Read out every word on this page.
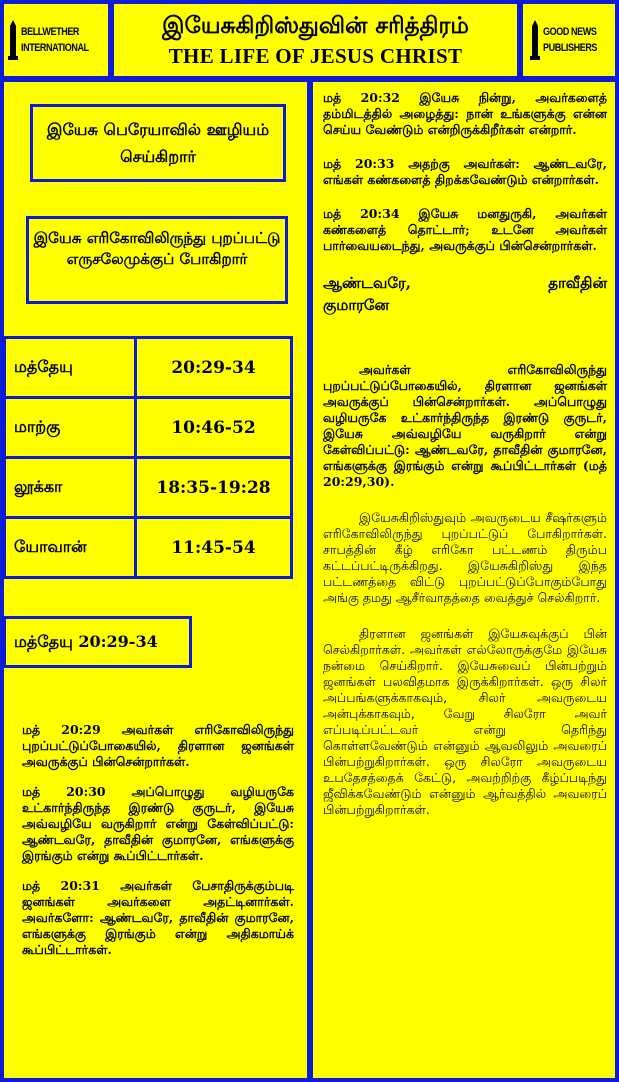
BELLWETHER
INTERNATIONAL
இயேசுகிறிஸ்துவின் சரித்திரம்
THE LIFE OF JESUS CHRIST
GOOD NEWS
PUBLISHERS
இயேசு பெரேயாவில் ஊழியம் செய்கிறார்
இயேசு எரிகோவிலிருந்து புறப்பட்டு எருசலேமுக்குப் போகிறார்
மத்தேயு	20:29-34
மாற்கு	10:46-52
லூக்கா	18:35-19:28
யோவான்	11:45-54
மத்தேயு 20:29-34

மத் 20:29 அவர்கள் எரிகோவிலிருந்து புறப்பட்டுப்போகையில், திரளான ஜனங்கள் அவருக்குப் பின்சென்றார்கள்.

மத் 20:30 அப்பொழுது வழியருகே உட்கார்ந்திருந்த இரண்டு குருடர், இயேசு அவ்வழியே வருகிறார் என்று கேள்விப்பட்டு: ஆண்டவரே, தாவீதின் குமாரனே, எங்களுக்கு இரங்கும் என்று கூப்பிட்டார்கள்.

மத் 20:31 அவர்கள் பேசாதிருக்கும்படி ஜனங்கள் அவர்களை அதட்டினார்கள். அவர்களோ: ஆண்டவரே, தாவீதின் குமாரனே, எங்களுக்கு இரங்கும் என்று அதிகமாய்க் கூப்பிட்டார்கள்.

மத் 20:32 இயேசு நின்று, அவர்களைத் தம்மிடத்தில் அழைத்து: நான் உங்களுக்கு என்ன செய்ய வேண்டும் என்றிருக்கிறீர்கள் என்றார்.

மத் 20:33 அதற்கு அவர்கள்: ஆண்டவரே, எங்கள் கண்களைத் திறக்கவேண்டும் என்றார்கள்.

மத் 20:34 இயேசு மனதுருகி, அவர்கள் கண்களைத் தொட்டார்; உடனே அவர்கள் பார்வையடைந்து, அவருக்குப் பின்சென்றார்கள்.

ஆண்டவரே, தாவீதின்
குமாரனே

அவர்கள் எரிகோவிலிருந்து புறப்பட்டுப்போகையில், திரளான ஜனங்கள் அவருக்குப் பின்சென்றார்கள். அப்பொழுது வழியருகே உட்கார்ந்திருந்த இரண்டு குருடர், இயேசு அவ்வழியே வருகிறார் என்று கேள்விப்பட்டு: ஆண்டவரே, தாவீதின் குமாரனே, எங்களுக்கு இரங்கும் என்று கூப்பிட்டார்கள் (மத் 20:29,30).

இயேசுகிறிஸ்துவும் அவருடைய சீஷர்களும் எரிகோவிலிருந்து புறப்பட்டுப் போகிறார்கள். சாபத்தின் கீழ் எரிகோ பட்டணம் திரும்ப கட்டப்பட்டிருக்கிறது. இயேசுகிறிஸ்து இந்த பட்டணத்தை விட்டு புறப்பட்டுப்போகும்போது அங்கு தமது ஆசீர்வாதத்தை வைத்துச் செல்கிறார்.

திரளான ஜனங்கள் இயேசுவுக்குப் பின் செல்கிறார்கள். அவர்கள் எல்லோருக்குமே இயேசு நன்மை செய்கிறார். இயேசுவைப் பின்பற்றும் ஜனங்கள் பலவிதமாக இருக்கிறார்கள். ஒரு சிலர் அப்பங்களுக்காகவும், சிலர் அவருடைய அன்புக்காகவும், வேறு சிலரோ அவர் எப்படிப்பட்டவர் என்று தெரிந்து கொள்ளவேண்டும் என்னும் ஆவலிலும் அவரைப் பின்பற்றுகிறார்கள். ஒரு சிலரோ அவருடைய உபதேசத்தைக் கேட்டு, அவற்றிற்கு கீழ்ப்படிந்து ஜீவிக்கவேண்டும் என்னும் ஆர்வத்தில் அவரைப் பின்பற்றுகிறார்கள்.
